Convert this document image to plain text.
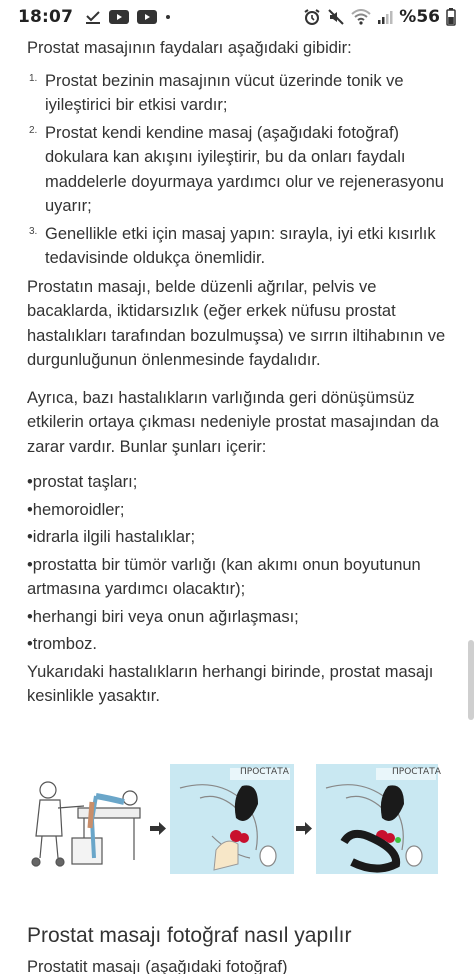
18:07	%56

Prostat masajının faydaları aşağıdaki gibidir:

1. Prostat bezinin masajının vücut üzerinde tonik ve iyileştirici bir etkisi vardır;
2. Prostat kendi kendine masaj (aşağıdaki fotoğraf) dokulara kan akışını iyileştirir, bu da onları faydalı maddelerle doyurmaya yardımcı olur ve rejenerasyonu uyarır;
3. Genellikle etki için masaj yapın: sırayla, iyi etki kısırlık tedavisinde oldukça önemlidir.

Prostatın masajı, belde düzenli ağrılar, pelvis ve bacaklarda, iktidarsızlık (eğer erkek nüfusu prostat hastalıkları tarafından bozulmuşsa) ve sırrın iltihabının ve durgunluğunun önlenmesinde faydalıdır.

Ayrıca, bazı hastalıkların varlığında geri dönüşümsüz etkilerin ortaya çıkması nedeniyle prostat masajından da zarar vardır. Bunlar şunları içerir:

•prostat taşları;
•hemoroidler;
•idrarla ilgili hastalıklar;
•prostatta bir tümör varlığı (kan akımı onun boyutunun artmasına yardımcı olacaktır);
•herhangi biri veya onun ağırlaşması;
•tromboz.

Yukarıdaki hastalıkların herhangi birinde, prostat masajı kesinlikle yasaktır.

ПРОСТАТА	ПРОСТАТА
Prostat masajı fotoğraf nasıl yapılır
Prostatit masajı (aşağıdaki fotoğraf)
